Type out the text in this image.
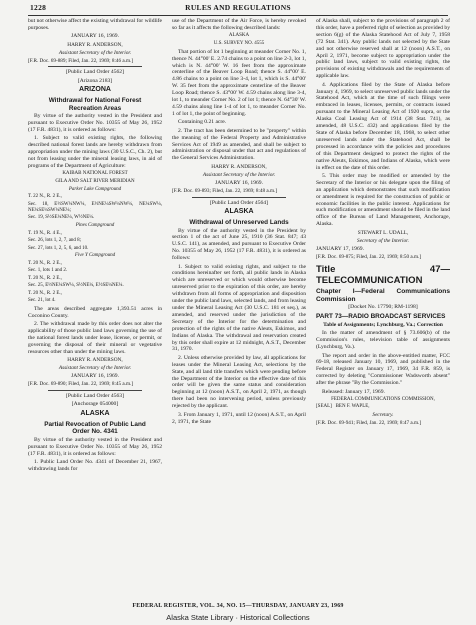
1228	RULES AND REGULATIONS

but not otherwise affect the existing withdrawal for wildlife purposes.

JANUARY 16, 1969.

HARRY R. ANDERSON,

Assistant Secretary of the Interior.

[F.R. Doc. 69-889; Filed, Jan. 22, 1969; 8:46 a.m.]

[Public Land Order 4562]

[Arizona 2183]

ARIZONA
Withdrawal for National Forest
Recreation Areas

By virtue of the authority vested in the President and pursuant to Executive Order No. 10355 of May 26, 1952 (17 F.R. 4831), it is ordered as follows:

1. Subject to valid existing rights, the following described national forest lands are hereby withdrawn from appropriation under the mining laws (30 U.S.C., Ch. 2), but not from leasing under the mineral leasing laws, in aid of programs of the Department of Agriculture:

KAIBAB NATIONAL FOREST

GILA AND SALT RIVER MERIDIAN

Parker Lake Campground

T. 22 N., R. 2 E.,

Sec. 18, E½SW¼NW¼, E½NE¼SW¼NW¼, NE¼SW¼, NE¼SE¼SW¼NE¼;

Sec. 19, S½SE¼NE¼, W½NE¼.

Pines Campground

T. 19 N., R. 4 E.,

Sec. 26, lots 1, 2, 7, and 8;

Sec. 27, lots 1, 2, 5, 6, and 10.

Five Y Campground

T. 20 N., R. 2 E.,

Sec. 1, lots 1 and 2.

T. 20 N., R. 2 E.,

Sec. 25, E½NE¼SW¼, S½NE¼, E½SE¼NE¼.

T. 20 N., R. 2 E.,

Sec. 21, lot 4.

The areas described aggregate 1,393.51 acres in Coconino County.

2. The withdrawal made by this order does not alter the applicability of those public land laws governing the use of the national forest lands under lease, license, or permit, or governing the disposal of their mineral or vegetative resources other than under the mining laws.

HARRY R. ANDERSON,

Assistant Secretary of the Interior.

JANUARY 16, 1969.

[F.R. Doc. 69-890; Filed, Jan. 22, 1969; 8:45 a.m.]

[Public Land Order 4563]

[Anchorage 054000]

ALASKA
Partial Revocation of Public Land
Order No. 4341

By virtue of the authority vested in the President and pursuant to Executive Order No. 10355 of May 26, 1952 (17 F.R. 4831), it is ordered as follows:

1. Public Land Order No. 4341 of December 21, 1967, withdrawing lands for

use of the Department of the Air Force, is hereby revoked so far as it affects the following described lands:

ALASKA

U.S. SURVEY NO. 4555

That portion of lot 1 beginning at meander Corner No. 1, thence N. 44°00' E. 2.74 chains to a point on line 2-3, lot 1, which is N. 44°00' W. 16 feet from the approximate centerline of the Beaver Loop Road; thence S. 44°00' E. 4.86 chains to a point on line 3-4, lot 1, which is S. 44°00' W. 35 feet from the approximate centerline of the Beaver Loop Road; thence S. 43°00' W. 4.59 chains along line 3-4, lot 1, to meander Corner No. 2 of lot 1; thence N. 64°30' W. 4.59 chains along line 1-4 of lot 1, to meander Corner No. 1 of lot 1, the point of beginning.

Containing 0.21 acre.

2. The tract has been determined to be "property" within the meaning of the Federal Property and Administrative Services Act of 1949 as amended, and shall be subject to administration or disposal under that act and regulations of the General Services Administration.

HARRY R. ANDERSON,

Assistant Secretary of the Interior.

JANUARY 16, 1969.

[F.R. Doc. 69-893; Filed, Jan. 22, 1969; 8:48 a.m.]

[Public Land Order 4564]

ALASKA
Withdrawal of Unreserved Lands

By virtue of the authority vested in the President by section 1 of the act of June 25, 1910 (36 Stat. 847; 43 U.S.C. 141), as amended, and pursuant to Executive Order No. 10355 of May 26, 1952 (17 F.R. 4831), it is ordered as follows:

1. Subject to valid existing rights, and subject to the conditions hereinafter set forth, all public lands in Alaska which are unreserved or which would otherwise become unreserved prior to the expiration of this order, are hereby withdrawn from all forms of appropriation and disposition under the public land laws, selected lands, and from leasing under the Mineral Leasing Act (30 U.S.C. 181 et seq.), as amended, and reserved under the jurisdiction of the Secretary of the Interior for the determination and protection of the rights of the native Aleuts, Eskimos, and Indians of Alaska. The withdrawal and reservation created by this order shall expire at 12 midnight, A.S.T., December 31, 1970.

2. Unless otherwise provided by law, all applications for leases under the Mineral Leasing Act, selections by the State, and all land title transfers which were pending before the Department of the Interior on the effective date of this order will be given the same status and consideration beginning at 12 (noon) A.S.T., on April 2, 1971, as though there had been no intervening period, unless previously rejected by the applicant.

3. From January 1, 1971, until 12 (noon) A.S.T., on April 2, 1971, the State

of Alaska shall, subject to the provisions of paragraph 2 of this order, have a preferred right of selection as provided by section 6(g) of the Alaska Statehood Act of July 7, 1958 (72 Stat. 341). Any public lands not selected by the State and not otherwise reserved shall at 12 (noon) A.S.T., on April 2, 1971, become subject to appropriation under the public land laws, subject to valid existing rights, the provisions of existing withdrawals and the requirements of applicable law.

4. Applications filed by the State of Alaska before January 4, 1969, to select unreserved public lands under the Statehood Act, which at the time of such filings were embraced in leases, licenses, permits, or contracts issued pursuant to the Mineral Leasing Act of 1920 supra, or the Alaska Coal Leasing Act of 1914 (38 Stat. 741), as amended, 48 U.S.C. 432) and applications filed by the State of Alaska before December 18, 1968, to select other unreserved lands under the Statehood Act, shall be processed in accordance with the policies and procedures of this Department designed to protect the rights of the native Aleuts, Eskimos, and Indians of Alaska, which were in effect on the date of this order.

5. This order may be modified or amended by the Secretary of the Interior or his delegate upon the filing of an application which demonstrates that such modification or amendment is required for the construction of public or economic facilities in the public interest. Applications for such modification or amendment should be filed in the land office of the Bureau of Land Management, Anchorage, Alaska.

STEWART L. UDALL,

Secretary of the Interior.

JANUARY 17, 1969.

[F.R. Doc. 69-875; Filed, Jan. 22, 1969; 8:50 a.m.]

Title 47—TELECOMMUNICATION
Chapter I—Federal Communications Commission

[Docket No. 17790; RM-1198]

PART 73—RADIO BROADCAST SERVICES

Table of Assignments; Lynchburg, Va.; Correction

In the matter of amendment of § 73.606(b) of the Commission's rules, television table of assignments (Lynchburg, Va.).

The report and order in the above-entitled matter, FCC 69-18, released January 10, 1969, and published in the Federal Register on January 17, 1969, 34 F.R. 859, is corrected by deleting "Commissioner Wadsworth absent" after the phrase "By the Commission."

Released: January 17, 1969.

FEDERAL COMMUNICATIONS COMMISSION,

[SEAL] BEN F. WAPLE,

Secretary.

[F.R. Doc. 69-941; Filed, Jan. 22, 1969; 8:47 a.m.]

FEDERAL REGISTER, VOL. 34, NO. 15—THURSDAY, JANUARY 23, 1969
Alaska State Library · Historical Collections
